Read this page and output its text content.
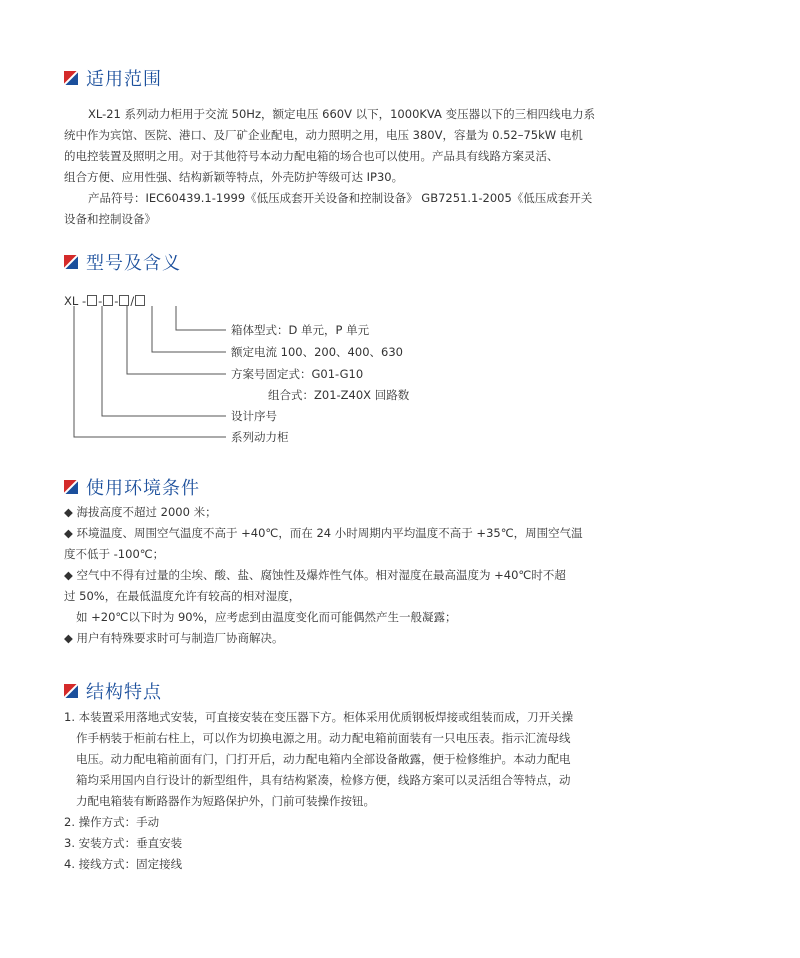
适用范围
XL-21 系列动力柜用于交流 50Hz，额定电压 660V 以下，1000KVA 变压器以下的三相四线电力系
统中作为宾馆、医院、港口、及厂矿企业配电，动力照明之用，电压 380V，容量为 0.52–75kW 电机
的电控装置及照明之用。对于其他符号本动力配电箱的场合也可以使用。产品具有线路方案灵活、
组合方便、应用性强、结构新颖等特点，外壳防护等级可达 IP30。
产品符号：IEC60439.1-1999《低压成套开关设备和控制设备》 GB7251.1-2005《低压成套开关
设备和控制设备》
型号及含义
XL - - - /
箱体型式：D 单元，P 单元
额定电流 100、200、400、630
方案号固定式：G01-G10
组合式：Z01-Z40X 回路数
设计序号
系列动力柜
使用环境条件
◆ 海拔高度不超过 2000 米；
◆ 环境温度、周围空气温度不高于 +40℃，而在 24 小时周期内平均温度不高于 +35℃，周围空气温
度不低于 -100℃；
◆ 空气中不得有过量的尘埃、酸、盐、腐蚀性及爆炸性气体。相对湿度在最高温度为 +40℃时不超
过 50%，在最低温度允许有较高的相对湿度，
如 +20℃以下时为 90%，应考虑到由温度变化而可能偶然产生一般凝露；
◆ 用户有特殊要求时可与制造厂协商解决。
结构特点
1. 本装置采用落地式安装，可直接安装在变压器下方。柜体采用优质钢板焊接或组装而成，刀开关操
作手柄装于柜前右柱上，可以作为切换电源之用。动力配电箱前面装有一只电压表。指示汇流母线
电压。动力配电箱前面有门，门打开后，动力配电箱内全部设备敞露，便于检修维护。本动力配电
箱均采用国内自行设计的新型组件，具有结构紧凑，检修方便，线路方案可以灵活组合等特点，动
力配电箱装有断路器作为短路保护外，门前可装操作按钮。
2. 操作方式：手动
3. 安装方式：垂直安装
4. 接线方式：固定接线
